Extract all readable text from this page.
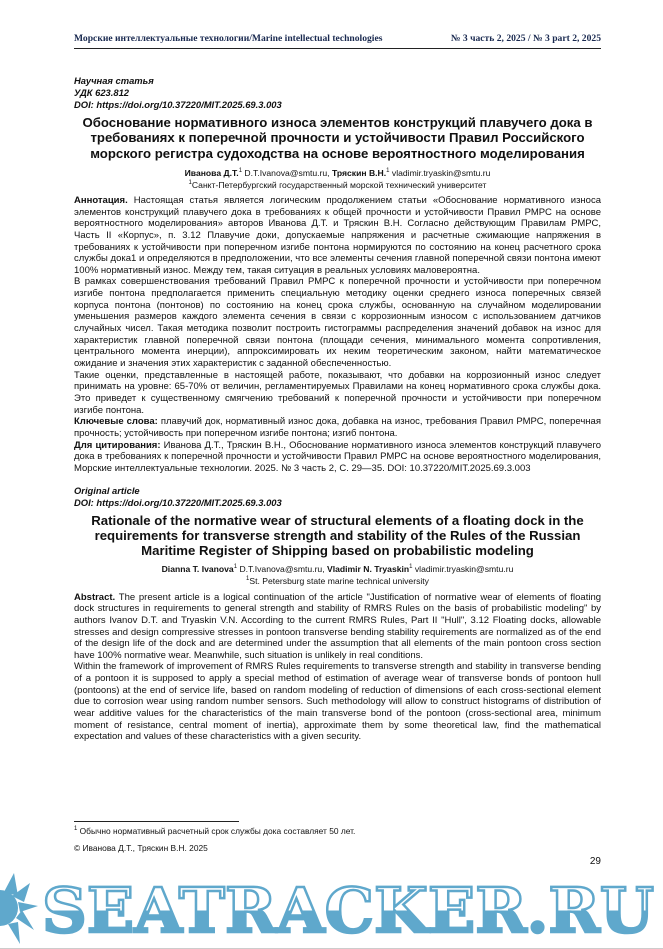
Морские интеллектуальные технологии/Marine intellectual technologies	№ 3 часть 2, 2025 / № 3 part 2, 2025
Научная статья
УДК 623.812
DOI: https://doi.org/10.37220/MIT.2025.69.3.003
Обоснование нормативного износа элементов конструкций плавучего дока в требованиях к поперечной прочности и устойчивости Правил Российского морского регистра судоходства на основе вероятностного моделирования
Иванова Д.Т.$^1$ D.T.Ivanova@smtu.ru, Тряскин В.Н.$^1$ vladimir.tryaskin@smtu.ru
$^1$Санкт-Петербургский государственный морской технический университет

Аннотация. Настоящая статья является логическим продолжением статьи «Обоснование нормативного износа элементов конструкций плавучего дока в требованиях к общей прочности и устойчивости Правил РМРС на основе вероятностного моделирования» авторов Иванова Д.Т. и Тряскин В.Н. Согласно действующим Правилам РМРС, Часть II «Корпус», п. 3.12 Плавучие доки, допускаемые напряжения и расчетные сжимающие напряжения в требованиях к устойчивости при поперечном изгибе понтона нормируются по состоянию на конец расчетного срока службы дока1 и определяются в предположении, что все элементы сечения главной поперечной связи понтона имеют 100% нормативный износ. Между тем, такая ситуация в реальных условиях маловероятна.

В рамках совершенствования требований Правил РМРС к поперечной прочности и устойчивости при поперечном изгибе понтона предполагается применить специальную методику оценки среднего износа поперечных связей корпуса понтона (понтонов) по состоянию на конец срока службы, основанную на случайном моделировании уменьшения размеров каждого элемента сечения в связи с коррозионным износом с использованием датчиков случайных чисел. Такая методика позволит построить гистограммы распределения значений добавок на износ для характеристик главной поперечной связи понтона (площади сечения, минимального момента сопротивления, центрального момента инерции), аппроксимировать их неким теоретическим законом, найти математическое ожидание и значения этих характеристик с заданной обеспеченностью.

Такие оценки, представленные в настоящей работе, показывают, что добавки на коррозионный износ следует принимать на уровне: 65-70% от величин, регламентируемых Правилами на конец нормативного срока службы дока. Это приведет к существенному смягчению требований к поперечной прочности и устойчивости при поперечном изгибе понтона.

Ключевые слова: плавучий док, нормативный износ дока, добавка на износ, требования Правил РМРС, поперечная прочность; устойчивость при поперечном изгибе понтона; изгиб понтона.

Для цитирования: Иванова Д.Т., Тряскин В.Н., Обоснование нормативного износа элементов конструкций плавучего дока в требованиях к поперечной прочности и устойчивости Правил РМРС на основе вероятностного моделирования, Морские интеллектуальные технологии. 2025. № 3 часть 2, С. 29—35. DOI: 10.37220/MIT.2025.69.3.003

Original article
DOI: https://doi.org/10.37220/MIT.2025.69.3.003
Rationale of the normative wear of structural elements of a floating dock in the requirements for transverse strength and stability of the Rules of the Russian Maritime Register of Shipping based on probabilistic modeling
Dianna T. Ivanova$^1$ D.T.Ivanova@smtu.ru, Vladimir N. Tryaskin$^1$ vladimir.tryaskin@smtu.ru
$^1$St. Petersburg state marine technical university

Abstract. The present article is a logical continuation of the article "Justification of normative wear of elements of floating dock structures in requirements to general strength and stability of RMRS Rules on the basis of probabilistic modeling" by authors Ivanov D.T. and Tryaskin V.N. According to the current RMRS Rules, Part II "Hull", 3.12 Floating docks, allowable stresses and design compressive stresses in pontoon transverse bending stability requirements are normalized as of the end of the design life of the dock and are determined under the assumption that all elements of the main pontoon cross section have 100% normative wear. Meanwhile, such situation is unlikely in real conditions.

Within the framework of improvement of RMRS Rules requirements to transverse strength and stability in transverse bending of a pontoon it is supposed to apply a special method of estimation of average wear of transverse bonds of pontoon hull (pontoons) at the end of service life, based on random modeling of reduction of dimensions of each cross-sectional element due to corrosion wear using random number sensors. Such methodology will allow to construct histograms of distribution of wear additive values for the characteristics of the main transverse bond of the pontoon (cross-sectional area, minimum moment of resistance, central moment of inertia), approximate them by some theoretical law, find the mathematical expectation and values of these characteristics with a given security.

$^1$ Обычно нормативный расчетный срок службы дока составляет 50 лет.
© Иванова Д.Т., Тряскин В.Н. 2025
29
SEATRACKER.RU
